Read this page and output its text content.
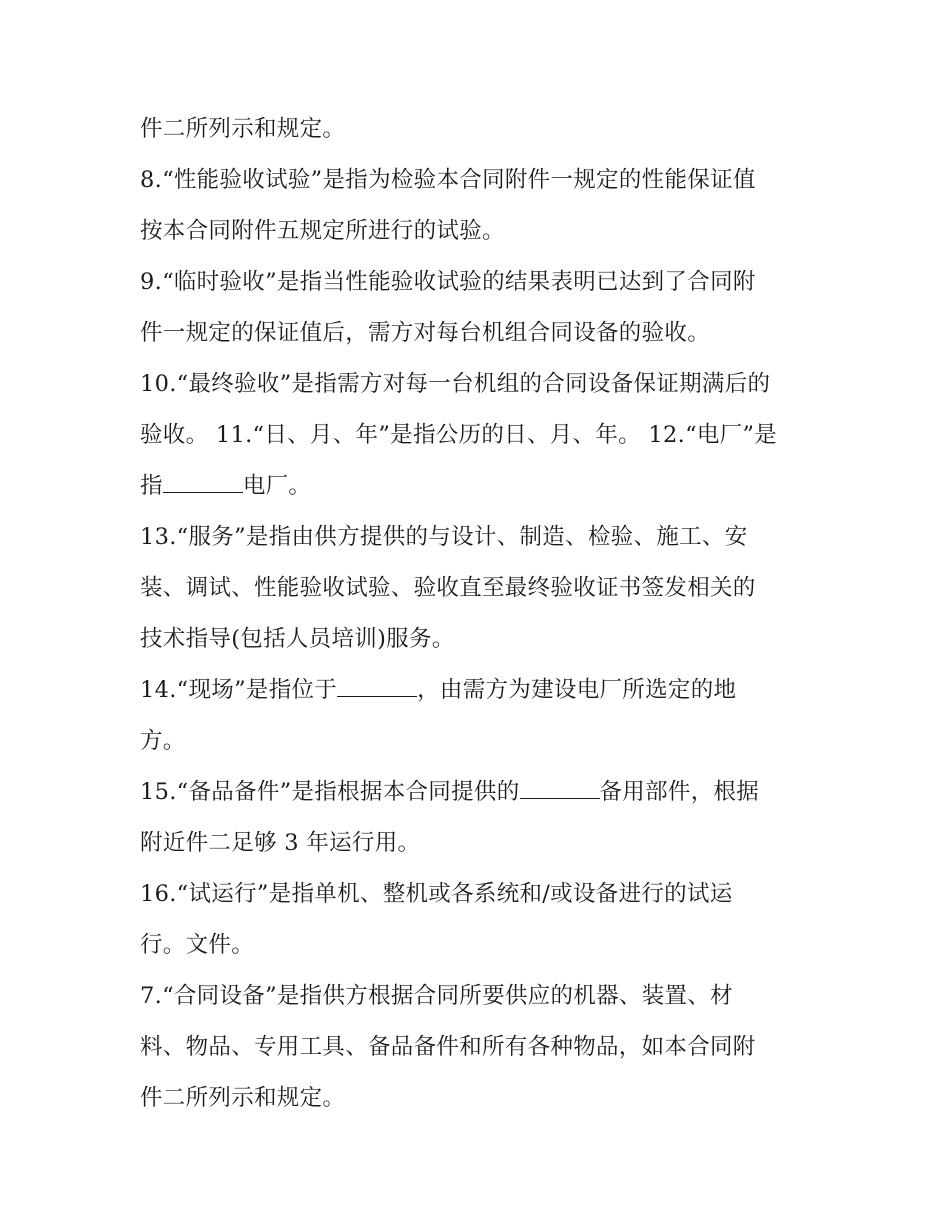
件二所列示和规定。
8.“性能验收试验”是指为检验本合同附件一规定的性能保证值
按本合同附件五规定所进行的试验。
9.“临时验收”是指当性能验收试验的结果表明已达到了合同附
件一规定的保证值后，需方对每台机组合同设备的验收。
10.“最终验收”是指需方对每一台机组的合同设备保证期满后的
验收。 11.“日、月、年”是指公历的日、月、年。 12.“电厂”是
指	电厂。
13.“服务”是指由供方提供的与设计、制造、检验、施工、安
装、调试、性能验收试验、验收直至最终验收证书签发相关的
技术指导(包括人员培训)服务。
14.“现场”是指位于	，由需方为建设电厂所选定的地
方。
15.“备品备件”是指根据本合同提供的	备用部件，根据
附近件二足够 3 年运行用。
16.“试运行”是指单机、整机或各系统和/或设备进行的试运
行。文件。
7.“合同设备”是指供方根据合同所要供应的机器、装置、材
料、物品、专用工具、备品备件和所有各种物品，如本合同附
件二所列示和规定。
